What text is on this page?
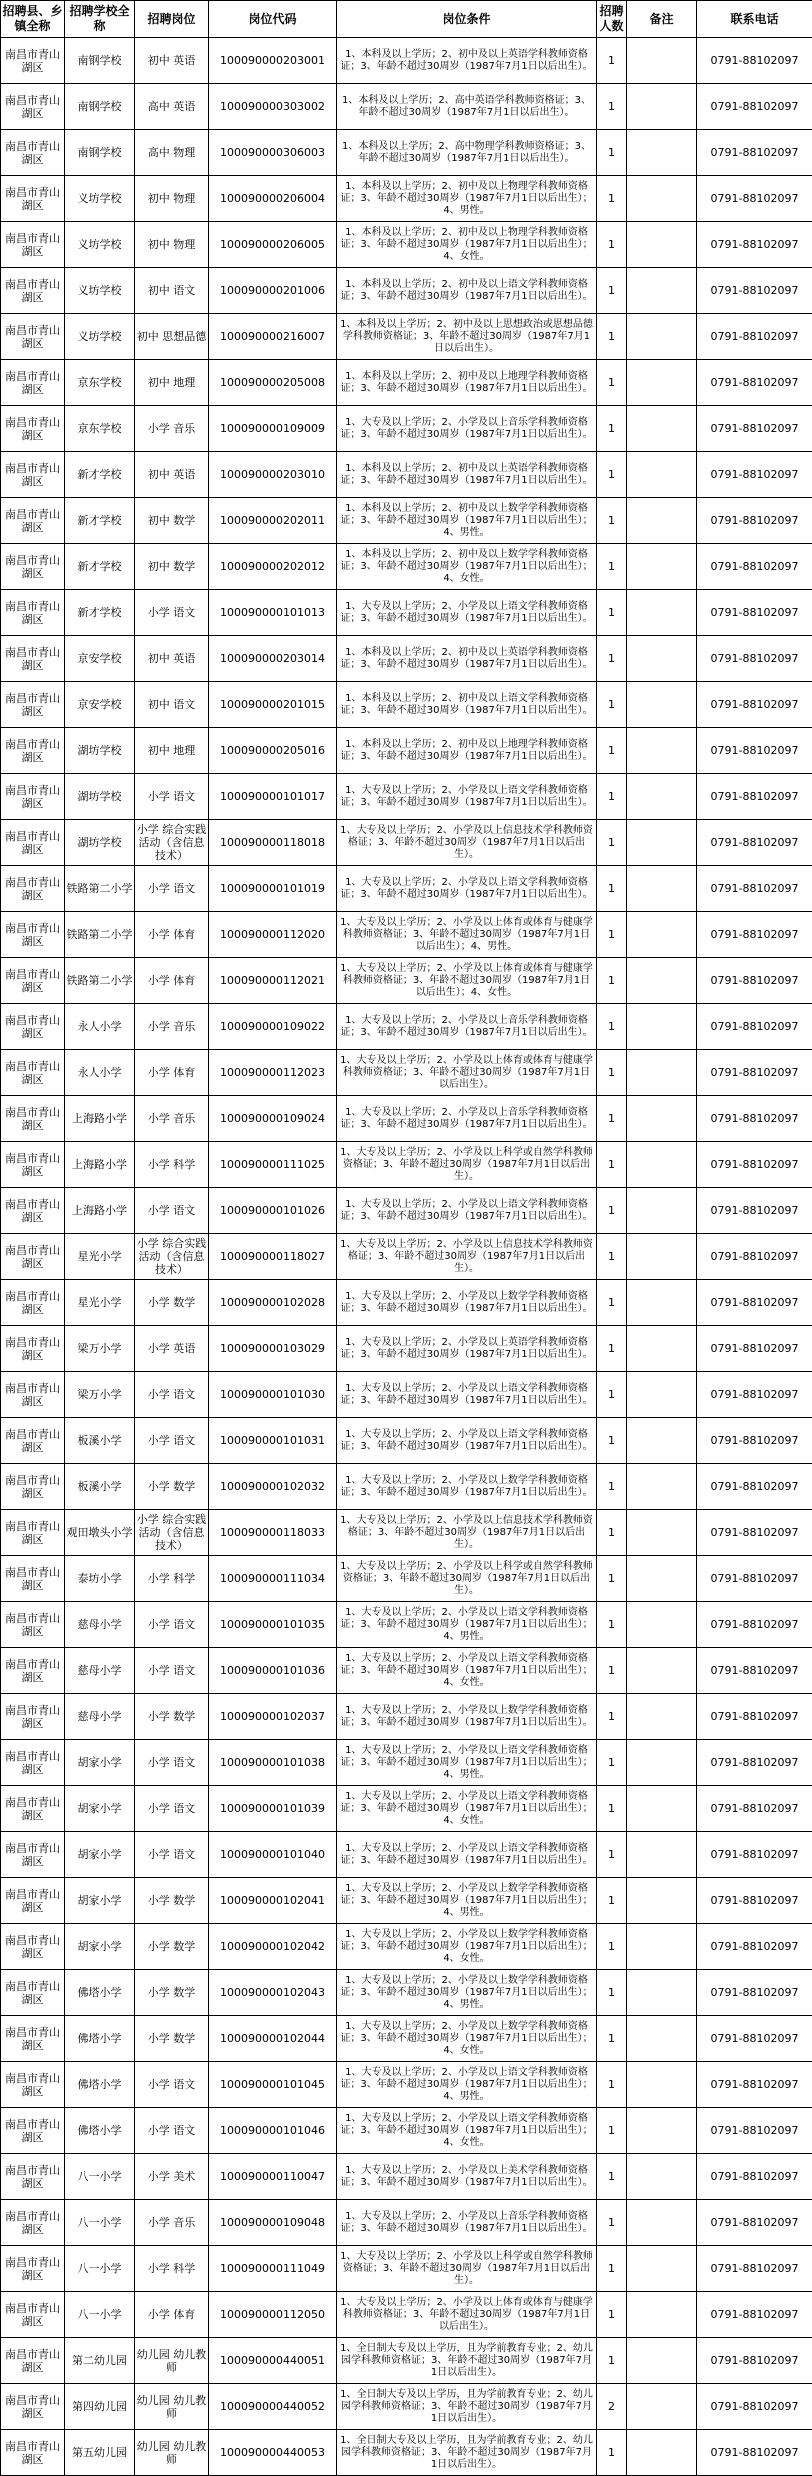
招聘县、乡镇全称	招聘学校全称	招聘岗位	岗位代码	岗位条件	招聘人数	备注	联系电话
南昌市青山湖区	南钢学校	初中 英语	100090000203001	1、本科及以上学历；2、初中及以上英语学科教师资格证；3、年龄不超过30周岁（1987年7月1日以后出生）。	1		0791-88102097
南昌市青山湖区	南钢学校	高中 英语	100090000303002	1、本科及以上学历；2、高中英语学科教师资格证；3、年龄不超过30周岁（1987年7月1日以后出生）。	1		0791-88102097
南昌市青山湖区	南钢学校	高中 物理	100090000306003	1、本科及以上学历；2、高中物理学科教师资格证；3、年龄不超过30周岁（1987年7月1日以后出生）。	1		0791-88102097
南昌市青山湖区	义坊学校	初中 物理	100090000206004	1、本科及以上学历；2、初中及以上物理学科教师资格证；3、年龄不超过30周岁（1987年7月1日以后出生）；4、男性。	1		0791-88102097
南昌市青山湖区	义坊学校	初中 物理	100090000206005	1、本科及以上学历；2、初中及以上物理学科教师资格证；3、年龄不超过30周岁（1987年7月1日以后出生）；4、女性。	1		0791-88102097
南昌市青山湖区	义坊学校	初中 语文	100090000201006	1、本科及以上学历；2、初中及以上语文学科教师资格证；3、年龄不超过30周岁（1987年7月1日以后出生）。	1		0791-88102097
南昌市青山湖区	义坊学校	初中 思想品德	100090000216007	1、本科及以上学历；2、初中及以上思想政治或思想品德学科教师资格证；3、年龄不超过30周岁（1987年7月1日以后出生）。	1		0791-88102097
南昌市青山湖区	京东学校	初中 地理	100090000205008	1、本科及以上学历；2、初中及以上地理学科教师资格证；3、年龄不超过30周岁（1987年7月1日以后出生）。	1		0791-88102097
南昌市青山湖区	京东学校	小学 音乐	100090000109009	1、大专及以上学历；2、小学及以上音乐学科教师资格证；3、年龄不超过30周岁（1987年7月1日以后出生）。	1		0791-88102097
南昌市青山湖区	新才学校	初中 英语	100090000203010	1、本科及以上学历；2、初中及以上英语学科教师资格证；3、年龄不超过30周岁（1987年7月1日以后出生）。	1		0791-88102097
南昌市青山湖区	新才学校	初中 数学	100090000202011	1、本科及以上学历；2、初中及以上数学学科教师资格证；3、年龄不超过30周岁（1987年7月1日以后出生）；4、男性。	1		0791-88102097
南昌市青山湖区	新才学校	初中 数学	100090000202012	1、本科及以上学历；2、初中及以上数学学科教师资格证；3、年龄不超过30周岁（1987年7月1日以后出生）；4、女性。	1		0791-88102097
南昌市青山湖区	新才学校	小学 语文	100090000101013	1、大专及以上学历；2、小学及以上语文学科教师资格证；3、年龄不超过30周岁（1987年7月1日以后出生）。	1		0791-88102097
南昌市青山湖区	京安学校	初中 英语	100090000203014	1、本科及以上学历；2、初中及以上英语学科教师资格证；3、年龄不超过30周岁（1987年7月1日以后出生）。	1		0791-88102097
南昌市青山湖区	京安学校	初中 语文	100090000201015	1、本科及以上学历；2、初中及以上语文学科教师资格证；3、年龄不超过30周岁（1987年7月1日以后出生）。	1		0791-88102097
南昌市青山湖区	湖坊学校	初中 地理	100090000205016	1、本科及以上学历；2、初中及以上地理学科教师资格证；3、年龄不超过30周岁（1987年7月1日以后出生）。	1		0791-88102097
南昌市青山湖区	湖坊学校	小学 语文	100090000101017	1、大专及以上学历；2、小学及以上语文学科教师资格证；3、年龄不超过30周岁（1987年7月1日以后出生）。	1		0791-88102097
南昌市青山湖区	湖坊学校	小学 综合实践活动（含信息技术）	100090000118018	1、大专及以上学历；2、小学及以上信息技术学科教师资格证；3、年龄不超过30周岁（1987年7月1日以后出生）。	1		0791-88102097
南昌市青山湖区	铁路第二小学	小学 语文	100090000101019	1、大专及以上学历；2、小学及以上语文学科教师资格证；3、年龄不超过30周岁（1987年7月1日以后出生）。	1		0791-88102097
南昌市青山湖区	铁路第二小学	小学 体育	100090000112020	1、大专及以上学历；2、小学及以上体育或体育与健康学科教师资格证；3、年龄不超过30周岁（1987年7月1日以后出生）；4、男性。	1		0791-88102097
南昌市青山湖区	铁路第二小学	小学 体育	100090000112021	1、大专及以上学历；2、小学及以上体育或体育与健康学科教师资格证；3、年龄不超过30周岁（1987年7月1日以后出生）；4、女性。	1		0791-88102097
南昌市青山湖区	永人小学	小学 音乐	100090000109022	1、大专及以上学历；2、小学及以上音乐学科教师资格证；3、年龄不超过30周岁（1987年7月1日以后出生）。	1		0791-88102097
南昌市青山湖区	永人小学	小学 体育	100090000112023	1、大专及以上学历；2、小学及以上体育或体育与健康学科教师资格证；3、年龄不超过30周岁（1987年7月1日以后出生）。	1		0791-88102097
南昌市青山湖区	上海路小学	小学 音乐	100090000109024	1、大专及以上学历；2、小学及以上音乐学科教师资格证；3、年龄不超过30周岁（1987年7月1日以后出生）。	1		0791-88102097
南昌市青山湖区	上海路小学	小学 科学	100090000111025	1、大专及以上学历；2、小学及以上科学或自然学科教师资格证；3、年龄不超过30周岁（1987年7月1日以后出生）。	1		0791-88102097
南昌市青山湖区	上海路小学	小学 语文	100090000101026	1、大专及以上学历；2、小学及以上语文学科教师资格证；3、年龄不超过30周岁（1987年7月1日以后出生）。	1		0791-88102097
南昌市青山湖区	星光小学	小学 综合实践活动（含信息技术）	100090000118027	1、大专及以上学历；2、小学及以上信息技术学科教师资格证；3、年龄不超过30周岁（1987年7月1日以后出生）。	1		0791-88102097
南昌市青山湖区	星光小学	小学 数学	100090000102028	1、大专及以上学历；2、小学及以上数学学科教师资格证；3、年龄不超过30周岁（1987年7月1日以后出生）。	1		0791-88102097
南昌市青山湖区	梁万小学	小学 英语	100090000103029	1、大专及以上学历；2、小学及以上英语学科教师资格证；3、年龄不超过30周岁（1987年7月1日以后出生）。	1		0791-88102097
南昌市青山湖区	梁万小学	小学 语文	100090000101030	1、大专及以上学历；2、小学及以上语文学科教师资格证；3、年龄不超过30周岁（1987年7月1日以后出生）。	1		0791-88102097
南昌市青山湖区	板溪小学	小学 语文	100090000101031	1、大专及以上学历；2、小学及以上语文学科教师资格证；3、年龄不超过30周岁（1987年7月1日以后出生）。	1		0791-88102097
南昌市青山湖区	板溪小学	小学 数学	100090000102032	1、大专及以上学历；2、小学及以上数学学科教师资格证；3、年龄不超过30周岁（1987年7月1日以后出生）。	1		0791-88102097
南昌市青山湖区	观田墩头小学	小学 综合实践活动（含信息技术）	100090000118033	1、大专及以上学历；2、小学及以上信息技术学科教师资格证；3、年龄不超过30周岁（1987年7月1日以后出生）。	1		0791-88102097
南昌市青山湖区	泰坊小学	小学 科学	100090000111034	1、大专及以上学历；2、小学及以上科学或自然学科教师资格证；3、年龄不超过30周岁（1987年7月1日以后出生）。	1		0791-88102097
南昌市青山湖区	慈母小学	小学 语文	100090000101035	1、大专及以上学历；2、小学及以上语文学科教师资格证；3、年龄不超过30周岁（1987年7月1日以后出生）；4、男性。	1		0791-88102097
南昌市青山湖区	慈母小学	小学 语文	100090000101036	1、大专及以上学历；2、小学及以上语文学科教师资格证；3、年龄不超过30周岁（1987年7月1日以后出生）；4、女性。	1		0791-88102097
南昌市青山湖区	慈母小学	小学 数学	100090000102037	1、大专及以上学历；2、小学及以上数学学科教师资格证；3、年龄不超过30周岁（1987年7月1日以后出生）。	1		0791-88102097
南昌市青山湖区	胡家小学	小学 语文	100090000101038	1、大专及以上学历；2、小学及以上语文学科教师资格证；3、年龄不超过30周岁（1987年7月1日以后出生）；4、男性。	1		0791-88102097
南昌市青山湖区	胡家小学	小学 语文	100090000101039	1、大专及以上学历；2、小学及以上语文学科教师资格证；3、年龄不超过30周岁（1987年7月1日以后出生）；4、女性。	1		0791-88102097
南昌市青山湖区	胡家小学	小学 语文	100090000101040	1、大专及以上学历；2、小学及以上语文学科教师资格证；3、年龄不超过30周岁（1987年7月1日以后出生）。	1		0791-88102097
南昌市青山湖区	胡家小学	小学 数学	100090000102041	1、大专及以上学历；2、小学及以上数学学科教师资格证；3、年龄不超过30周岁（1987年7月1日以后出生）；4、男性。	1		0791-88102097
南昌市青山湖区	胡家小学	小学 数学	100090000102042	1、大专及以上学历；2、小学及以上数学学科教师资格证；3、年龄不超过30周岁（1987年7月1日以后出生）；4、女性。	1		0791-88102097
南昌市青山湖区	佛塔小学	小学 数学	100090000102043	1、大专及以上学历；2、小学及以上数学学科教师资格证；3、年龄不超过30周岁（1987年7月1日以后出生）；4、男性。	1		0791-88102097
南昌市青山湖区	佛塔小学	小学 数学	100090000102044	1、大专及以上学历；2、小学及以上数学学科教师资格证；3、年龄不超过30周岁（1987年7月1日以后出生）；4、女性。	1		0791-88102097
南昌市青山湖区	佛塔小学	小学 语文	100090000101045	1、大专及以上学历；2、小学及以上语文学科教师资格证；3、年龄不超过30周岁（1987年7月1日以后出生）；4、男性。	1		0791-88102097
南昌市青山湖区	佛塔小学	小学 语文	100090000101046	1、大专及以上学历；2、小学及以上语文学科教师资格证；3、年龄不超过30周岁（1987年7月1日以后出生）；4、女性。	1		0791-88102097
南昌市青山湖区	八一小学	小学 美术	100090000110047	1、大专及以上学历；2、小学及以上美术学科教师资格证；3、年龄不超过30周岁（1987年7月1日以后出生）。	1		0791-88102097
南昌市青山湖区	八一小学	小学 音乐	100090000109048	1、大专及以上学历；2、小学及以上音乐学科教师资格证；3、年龄不超过30周岁（1987年7月1日以后出生）。	1		0791-88102097
南昌市青山湖区	八一小学	小学 科学	100090000111049	1、大专及以上学历；2、小学及以上科学或自然学科教师资格证；3、年龄不超过30周岁（1987年7月1日以后出生）。	1		0791-88102097
南昌市青山湖区	八一小学	小学 体育	100090000112050	1、大专及以上学历；2、小学及以上体育或体育与健康学科教师资格证；3、年龄不超过30周岁（1987年7月1日以后出生）。	1		0791-88102097
南昌市青山湖区	第二幼儿园	幼儿园 幼儿教师	100090000440051	1、全日制大专及以上学历，且为学前教育专业；2、幼儿园学科教师资格证；3、年龄不超过30周岁（1987年7月1日以后出生）。	1		0791-88102097
南昌市青山湖区	第四幼儿园	幼儿园 幼儿教师	100090000440052	1、全日制大专及以上学历，且为学前教育专业；2、幼儿园学科教师资格证；3、年龄不超过30周岁（1987年7月1日以后出生）。	2		0791-88102097
南昌市青山湖区	第五幼儿园	幼儿园 幼儿教师	100090000440053	1、全日制大专及以上学历，且为学前教育专业；2、幼儿园学科教师资格证；3、年龄不超过30周岁（1987年7月1日以后出生）。	1		0791-88102097
